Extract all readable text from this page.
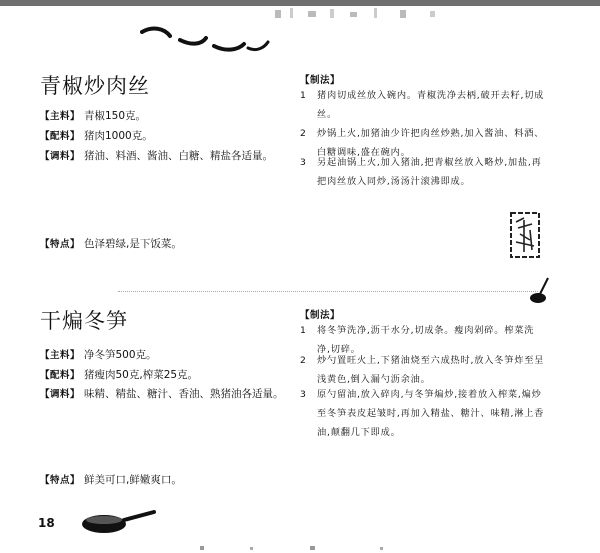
青椒炒肉丝
【主料】 青椒150克。
【配料】 猪肉1000克。
【调料】 猪油、料酒、酱油、白糖、精盐各适量。
【特点】 色泽碧绿,是下饭菜。
【制法】
1	猪肉切成丝放入碗内。青椒洗净去柄,破开去籽,切成丝。
2	炒锅上火,加猪油少许把肉丝炒熟,加入酱油、料酒、白糖调味,盛在碗内。
3	另起油锅上火,加入猪油,把青椒丝放入略炒,加盐,再把肉丝放入同炒,汤汤汁滚沸即成。
干煸冬笋
【主料】 净冬笋500克。
【配料】 猪瘦肉50克,榨菜25克。
【调料】 味精、精盐、糖汁、香油、熟猪油各适量。
【特点】 鲜美可口,鲜嫩爽口。
【制法】
1	将冬笋洗净,沥干水分,切成条。瘦肉剁碎。榨菜洗净,切碎。
2	炒勺置旺火上,下猪油烧至六成热时,放入冬笋炸至呈浅黄色,倒入漏勺沥余油。
3	原勺留油,放入碎肉,与冬笋煸炒,接着放入榨菜,煸炒至冬笋表皮起皱时,再加入精盐、糖汁、味精,淋上香油,颠翻几下即成。
18
